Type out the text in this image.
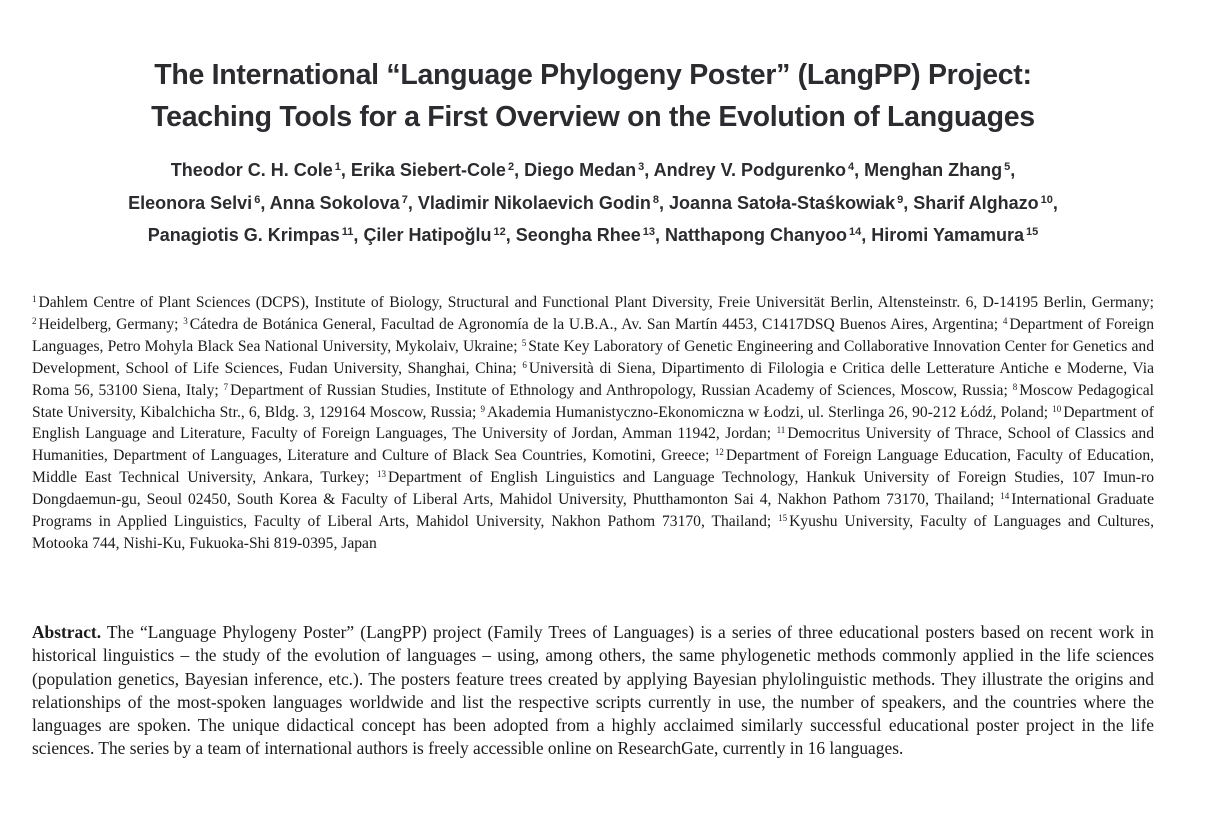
The International “Language Phylogeny Poster” (LangPP) Project:
Teaching Tools for a First Overview on the Evolution of Languages
Theodor C. H. Cole $^1$, Erika Siebert-Cole $^2$, Diego Medan $^3$, Andrey V. Podgurenko $^4$, Menghan Zhang $^5$,
Eleonora Selvi $^6$, Anna Sokolova $^7$, Vladimir Nikolaevich Godin $^8$, Joanna Satoła-Staśkowiak $^9$, Sharif Alghazo $^{10}$,
Panagiotis G. Krimpas $^{11}$, Çiler Hatipoğlu $^{12}$, Seongha Rhee $^{13}$, Natthapong Chanyoo $^{14}$, Hiromi Yamamura $^{15}$

$^1$ Dahlem Centre of Plant Sciences (DCPS), Institute of Biology, Structural and Functional Plant Diversity, Freie Universität Berlin, Altensteinstr. 6, D-14195 Berlin, Germany; $^2$ Heidelberg, Germany; $^3$ Cátedra de Botánica General, Facultad de Agronomía de la U.B.A., Av. San Martín 4453, C1417DSQ Buenos Aires, Argentina; $^4$ Department of Foreign Languages, Petro Mohyla Black Sea National University, Mykolaiv, Ukraine; $^5$ State Key Laboratory of Genetic Engineering and Collaborative Innovation Center for Genetics and Development, School of Life Sciences, Fudan University, Shanghai, China; $^6$ Università di Siena, Dipartimento di Filologia e Critica delle Letterature Antiche e Moderne, Via Roma 56, 53100 Siena, Italy; $^7$ Department of Russian Studies, Institute of Ethnology and Anthropology, Russian Academy of Sciences, Moscow, Russia; $^8$ Moscow Pedagogical State University, Kibalchicha Str., 6, Bldg. 3, 129164 Moscow, Russia; $^9$ Akademia Humanistyczno-Ekonomiczna w Łodzi, ul. Sterlinga 26, 90-212 Łódź, Poland; $^{10}$ Department of English Language and Literature, Faculty of Foreign Languages, The University of Jordan, Amman 11942, Jordan; $^{11}$ Democritus University of Thrace, School of Classics and Humanities, Department of Languages, Literature and Culture of Black Sea Countries, Komotini, Greece; $^{12}$ Department of Foreign Language Education, Faculty of Education, Middle East Technical University, Ankara, Turkey; $^{13}$ Department of English Linguistics and Language Technology, Hankuk University of Foreign Studies, 107 Imun-ro Dongdaemun-gu, Seoul 02450, South Korea & Faculty of Liberal Arts, Mahidol University, Phutthamonton Sai 4, Nakhon Pathom 73170, Thailand; $^{14}$ International Graduate Programs in Applied Linguistics, Faculty of Liberal Arts, Mahidol University, Nakhon Pathom 73170, Thailand; $^{15}$ Kyushu University, Faculty of Languages and Cultures, Motooka 744, Nishi-Ku, Fukuoka-Shi 819-0395, Japan

Abstract. The “Language Phylogeny Poster” (LangPP) project (Family Trees of Languages) is a series of three educational posters based on recent work in historical linguistics – the study of the evolution of languages – using, among others, the same phylogenetic methods commonly applied in the life sciences (population genetics, Bayesian inference, etc.). The posters feature trees created by applying Bayesian phylolinguistic methods. They illustrate the origins and relationships of the most-spoken languages worldwide and list the respective scripts currently in use, the number of speakers, and the countries where the languages are spoken. The unique didactical concept has been adopted from a highly acclaimed similarly successful educational poster project in the life sciences. The series by a team of international authors is freely accessible online on ResearchGate, currently in 16 languages.
